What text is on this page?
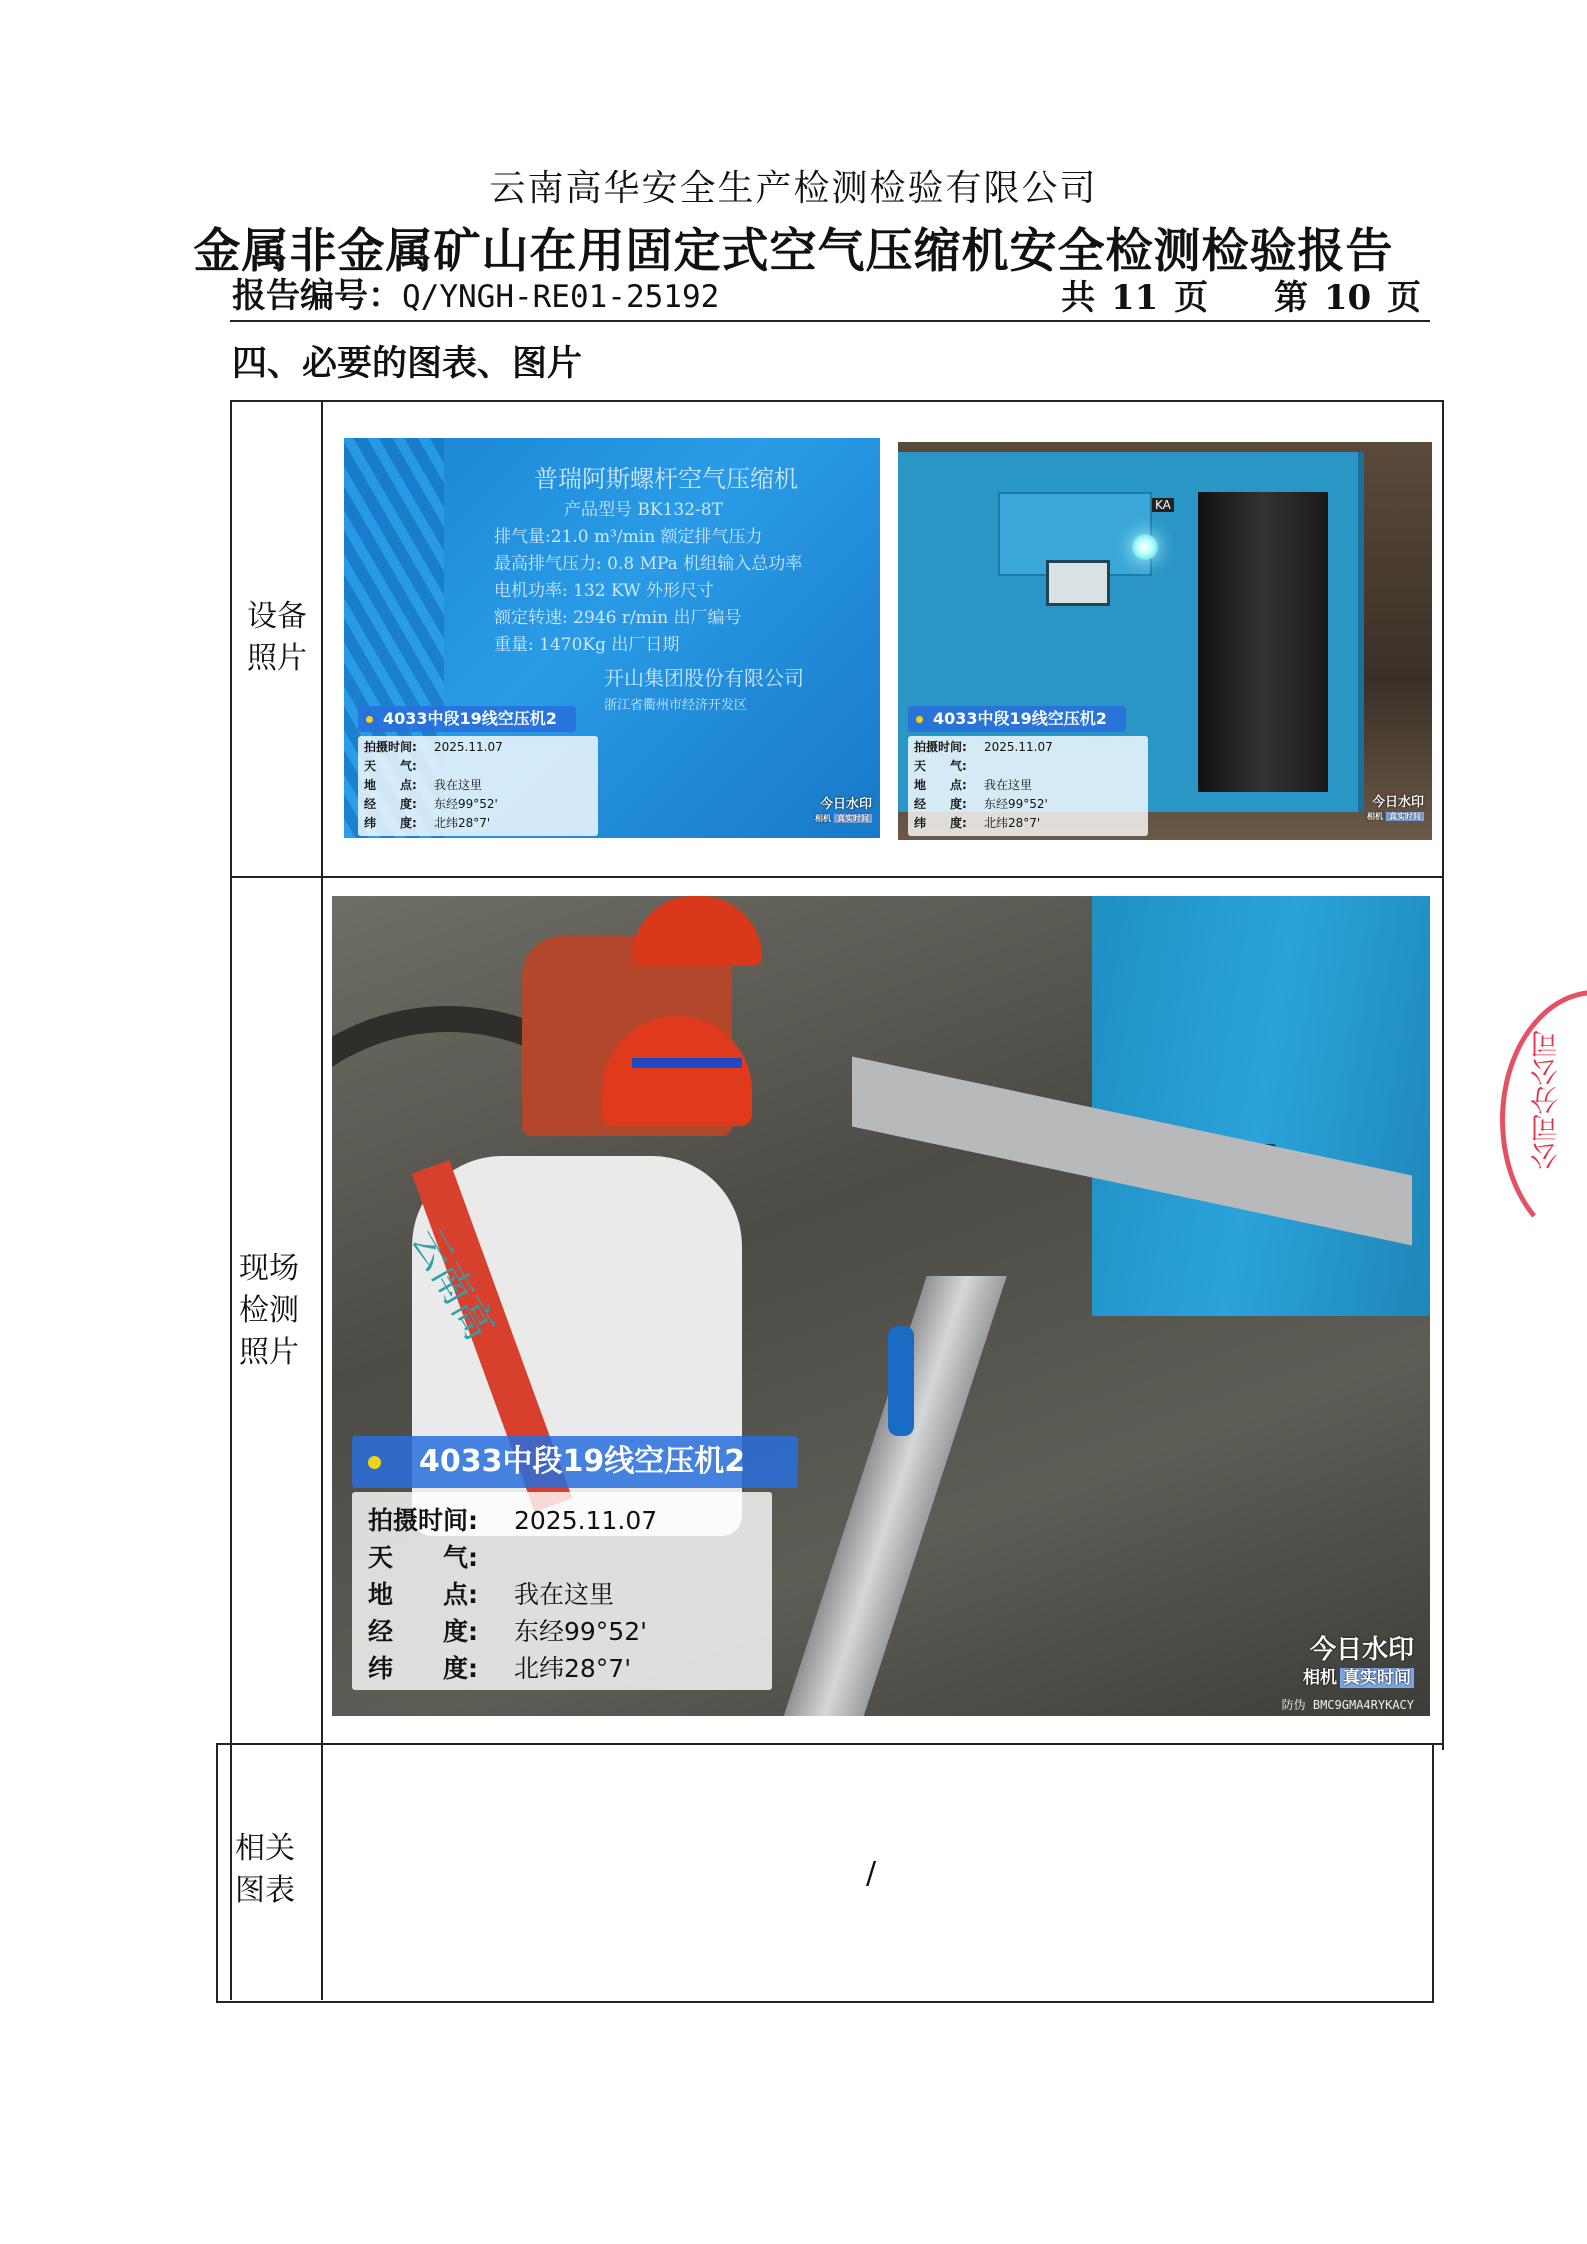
云南高华安全生产检测检验有限公司
金属非金属矿山在用固定式空气压缩机安全检测检验报告
报告编号：Q/YNGH-RE01-25192	共 11 页 第 10 页
四、必要的图表、图片
设备
照片
现场
检测
照片
相关
图表	/
普瑞阿斯螺杆空气压缩机
产品型号 BK132-8T
排气量:21.0 m³/min 额定排气压力
最高排气压力: 0.8 MPa 机组输入总功率
电机功率: 132 KW 外形尺寸
额定转速: 2946 r/min 出厂编号
重量: 1470Kg 出厂日期
开山集团股份有限公司
浙江省衢州市经济开发区
4033中段19线空压机2
拍摄时间: 2025.11.07
天　　气:
地　　点: 我在这里
经　　度: 东经99°52'
纬　　度: 北纬28°7'
今日水印
相机 真实时间
KA
4033中段19线空压机2
拍摄时间: 2025.11.07
天　　气:
地　　点: 我在这里
经　　度: 东经99°52'
纬　　度: 北纬28°7'
今日水印
相机 真实时间
云南高
4033中段19线空压机2
拍摄时间: 2025.11.07
天　　气:
地　　点: 我在这里
经　　度: 东经99°52'
纬　　度: 北纬28°7'
今日水印
相机 真实时间
防伪 BMC9GMA4RYKACY
公司分公司
